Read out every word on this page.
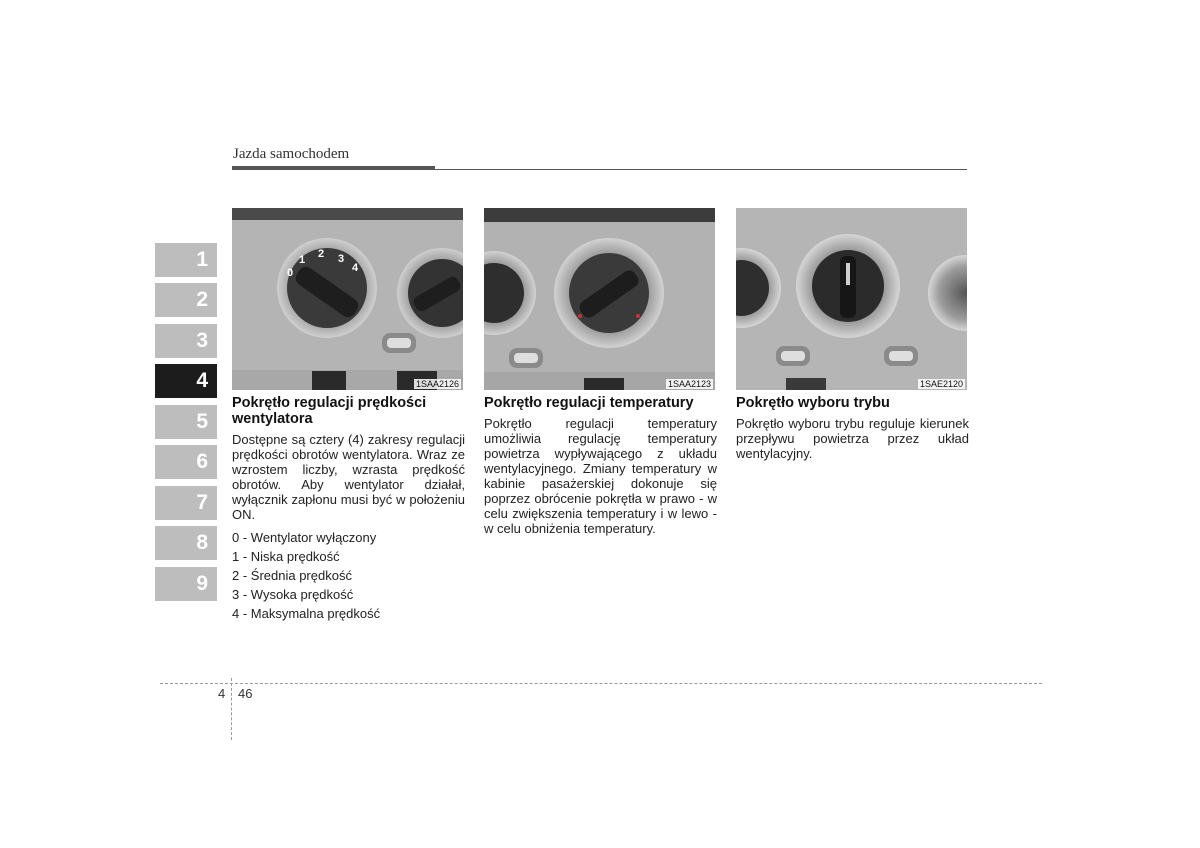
Jazda samochodem
1
2
3
4
5
6
7
8
9
0
1 2 3
4
1SAA2126	1SAA2123	1SAE2120
Pokrętło regulacji prędkości wentylatora

Dostępne są cztery (4) zakresy regulacji prędkości obrotów wentylatora. Wraz ze wzrostem liczby, wzrasta prędkość obrotów. Aby wentylator działał, wyłącznik zapłonu musi być w położeniu ON.

0 - Wentylator wyłączony
1 - Niska prędkość
2 - Średnia prędkość
3 - Wysoka prędkość
4 - Maksymalna prędkość
Pokrętło regulacji temperatury

Pokrętło regulacji temperatury umożliwia regulację temperatury powietrza wypływającego z układu wentylacyjnego. Zmiany temperatury w kabinie pasażerskiej dokonuje się poprzez obrócenie pokrętła w prawo - w celu zwiększenia temperatury i w lewo - w celu obniżenia temperatury.

Pokrętło wyboru trybu

Pokrętło wyboru trybu reguluje kierunek przepływu powietrza przez układ wentylacyjny.

4 46
